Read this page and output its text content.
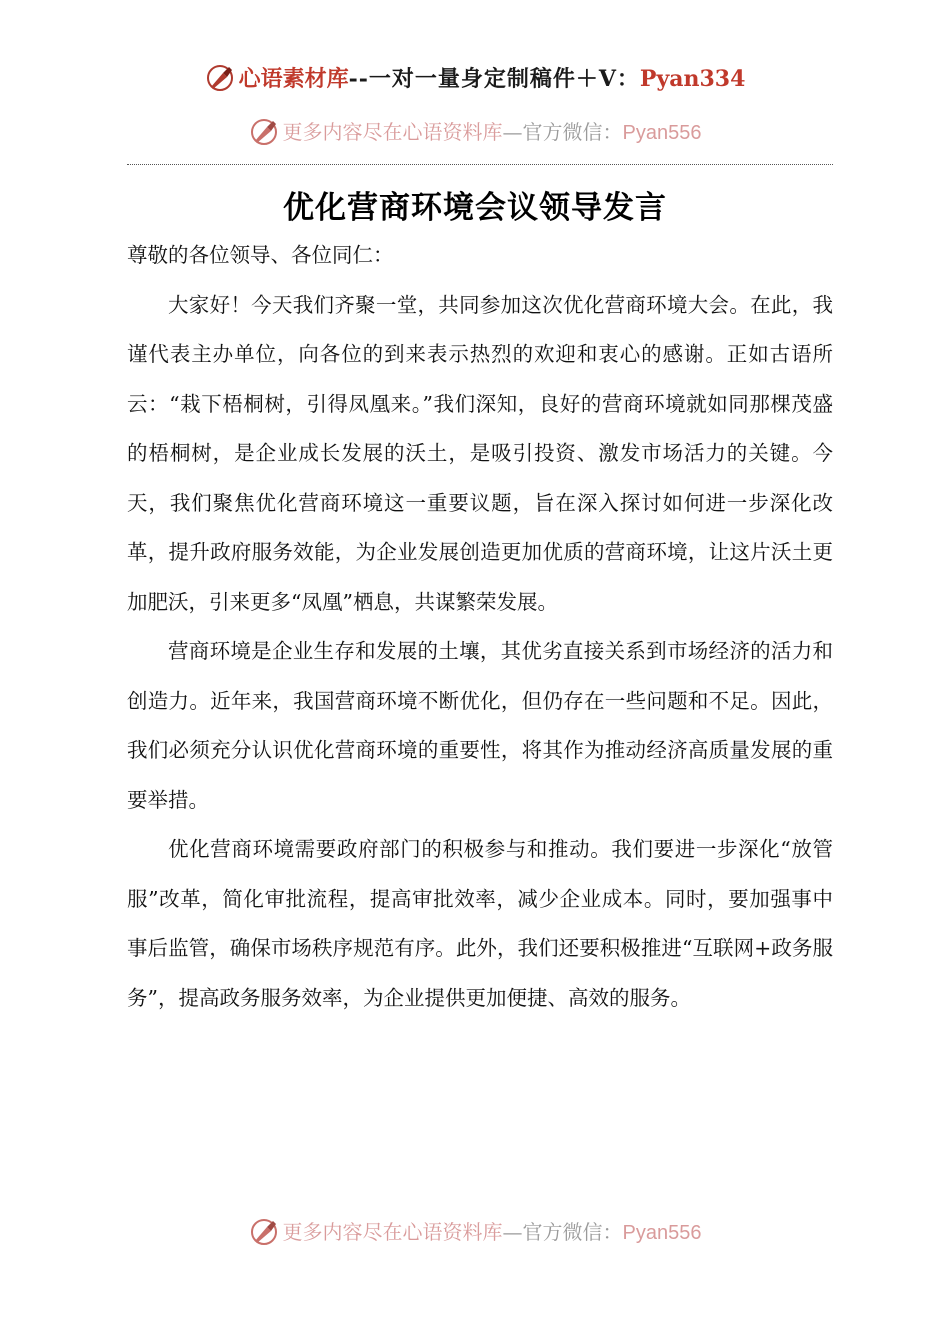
心语素材库--一对一量身定制稿件＋V：Pyan334
更多内容尽在心语资料库—官方微信：Pyan556
优化营商环境会议领导发言

尊敬的各位领导、各位同仁：

大家好！今天我们齐聚一堂，共同参加这次优化营商环境大会。在此，我谨代表主办单位，向各位的到来表示热烈的欢迎和衷心的感谢。正如古语所云：“栽下梧桐树，引得凤凰来。”我们深知，良好的营商环境就如同那棵茂盛的梧桐树，是企业成长发展的沃土，是吸引投资、激发市场活力的关键。今天，我们聚焦优化营商环境这一重要议题，旨在深入探讨如何进一步深化改革，提升政府服务效能，为企业发展创造更加优质的营商环境，让这片沃土更加肥沃，引来更多“凤凰”栖息，共谋繁荣发展。

营商环境是企业生存和发展的土壤，其优劣直接关系到市场经济的活力和创造力。近年来，我国营商环境不断优化，但仍存在一些问题和不足。因此，我们必须充分认识优化营商环境的重要性，将其作为推动经济高质量发展的重要举措。

优化营商环境需要政府部门的积极参与和推动。我们要进一步深化“放管服”改革，简化审批流程，提高审批效率，减少企业成本。同时，要加强事中事后监管，确保市场秩序规范有序。此外，我们还要积极推进“互联网+政务服务”，提高政务服务效率，为企业提供更加便捷、高效的服务。

更多内容尽在心语资料库—官方微信：Pyan556
